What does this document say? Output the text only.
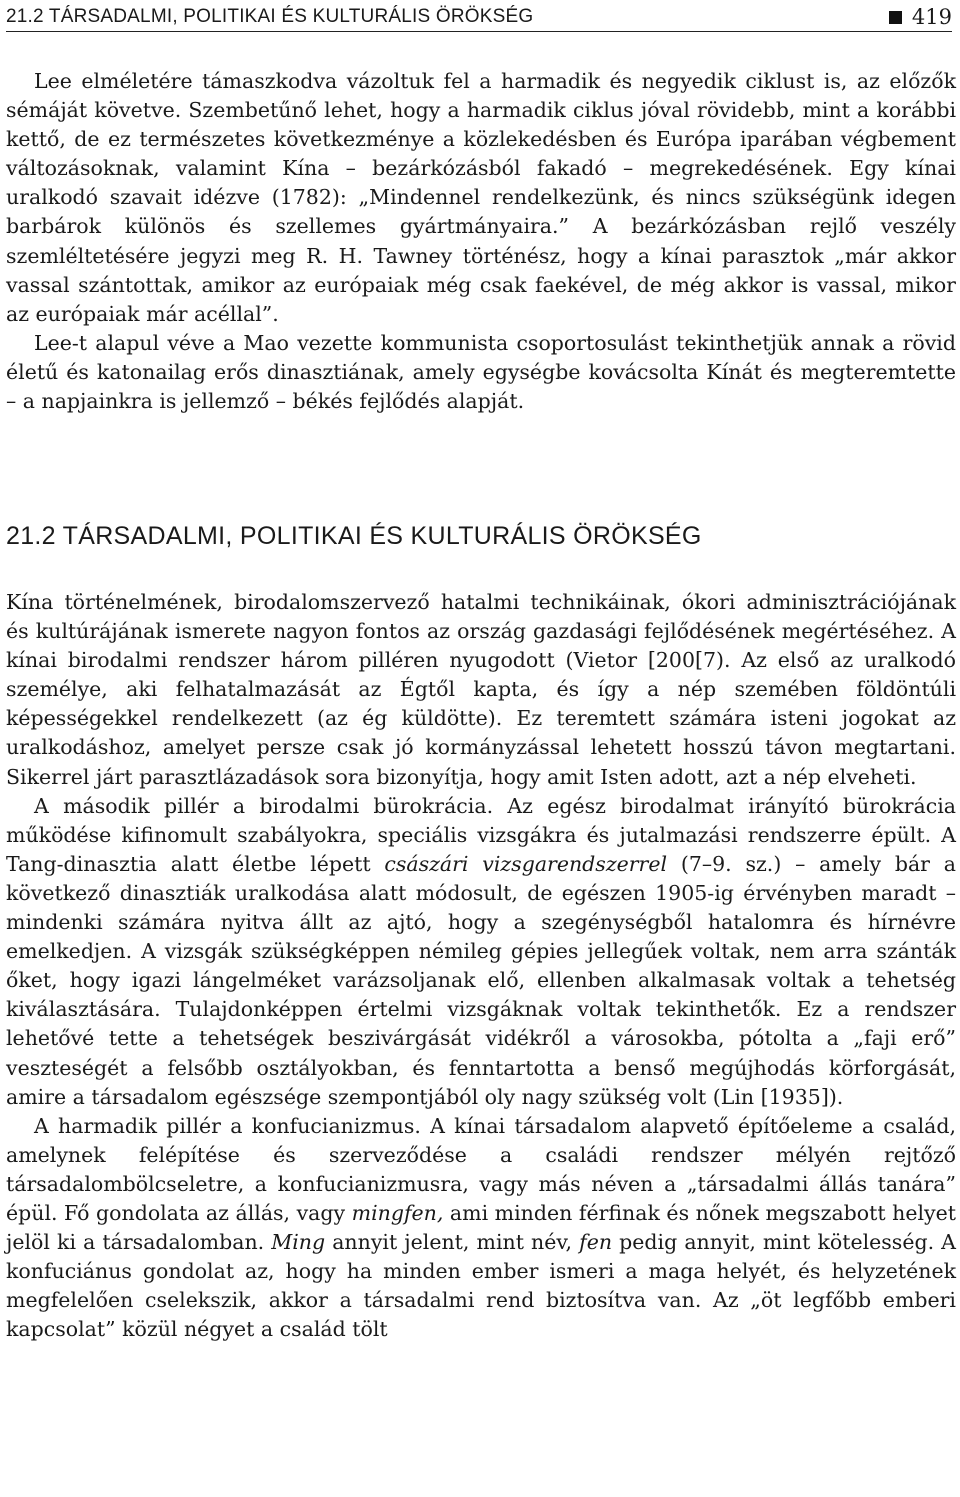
21.2 TÁRSADALMI, POLITIKAI ÉS KULTURÁLIS ÖRÖKSÉG	419

Lee elméletére támaszkodva vázoltuk fel a harmadik és negyedik ciklust is, az előzők sémáját követve. Szembetűnő lehet, hogy a harmadik ciklus jóval rövidebb, mint a korábbi kettő, de ez természetes következménye a közlekedésben és Európa iparában végbement változásoknak, valamint Kína – bezárkózásból fakadó – megrekedésének. Egy kínai uralkodó szavait idézve (1782): „Mindennel rendelkezünk, és nincs szükségünk idegen barbárok különös és szellemes gyártmányaira.” A bezárkózásban rejlő veszély szemléltetésére jegyzi meg R. H. Tawney történész, hogy a kínai parasztok „már akkor vassal szántottak, amikor az európaiak még csak faekével, de még akkor is vassal, mikor az európaiak már acéllal”.

Lee-t alapul véve a Mao vezette kommunista csoportosulást tekinthetjük annak a rövid életű és katonailag erős dinasztiának, amely egységbe kovácsolta Kínát és megteremtette – a napjainkra is jellemző – békés fejlődés alapját.

21.2 TÁRSADALMI, POLITIKAI ÉS KULTURÁLIS ÖRÖKSÉG

Kína történelmének, birodalomszervező hatalmi technikáinak, ókori adminisztrációjának és kultúrájának ismerete nagyon fontos az ország gazdasági fejlődésének megértéséhez. A kínai birodalmi rendszer három pilléren nyugodott (Vietor [200[7). Az első az uralkodó személye, aki felhatalmazását az Égtől kapta, és így a nép szemében földöntúli képességekkel rendelkezett (az ég küldötte). Ez teremtett számára isteni jogokat az uralkodáshoz, amelyet persze csak jó kormányzással lehetett hosszú távon megtartani. Sikerrel járt parasztlázadások sora bizonyítja, hogy amit Isten adott, azt a nép elveheti.

A második pillér a birodalmi bürokrácia. Az egész birodalmat irányító bürokrácia működése kifinomult szabályokra, speciális vizsgákra és jutalmazási rendszerre épült. A Tang-dinasztia alatt életbe lépett császári vizsgarendszerrel (7–9. sz.) – amely bár a következő dinasztiák uralkodása alatt módosult, de egészen 1905-ig érvényben maradt – mindenki számára nyitva állt az ajtó, hogy a szegénységből hatalomra és hírnévre emelkedjen. A vizsgák szükségképpen némileg gépies jellegűek voltak, nem arra szánták őket, hogy igazi lángelméket varázsoljanak elő, ellenben alkalmasak voltak a tehetség kiválasztására. Tulajdonképpen értelmi vizsgáknak voltak tekinthetők. Ez a rendszer lehetővé tette a tehetségek beszivárgását vidékről a városokba, pótolta a „faji erő” veszteségét a felsőbb osztályokban, és fenntartotta a benső megújhodás körforgását, amire a társadalom egészsége szempontjából oly nagy szükség volt (Lin [1935]).

A harmadik pillér a konfucianizmus. A kínai társadalom alapvető építőeleme a család, amelynek felépítése és szerveződése a családi rendszer mélyén rejtőző társadalombölcseletre, a konfucianizmusra, vagy más néven a „társadalmi állás tanára” épül. Fő gondolata az állás, vagy mingfen, ami minden férfinak és nőnek megszabott helyet jelöl ki a társadalomban. Ming annyit jelent, mint név, fen pedig annyit, mint kötelesség. A konfuciánus gondolat az, hogy ha minden ember ismeri a maga helyét, és helyzetének megfelelően cselekszik, akkor a társadalmi rend biztosítva van. Az „öt legfőbb emberi kapcsolat” közül négyet a család tölt
